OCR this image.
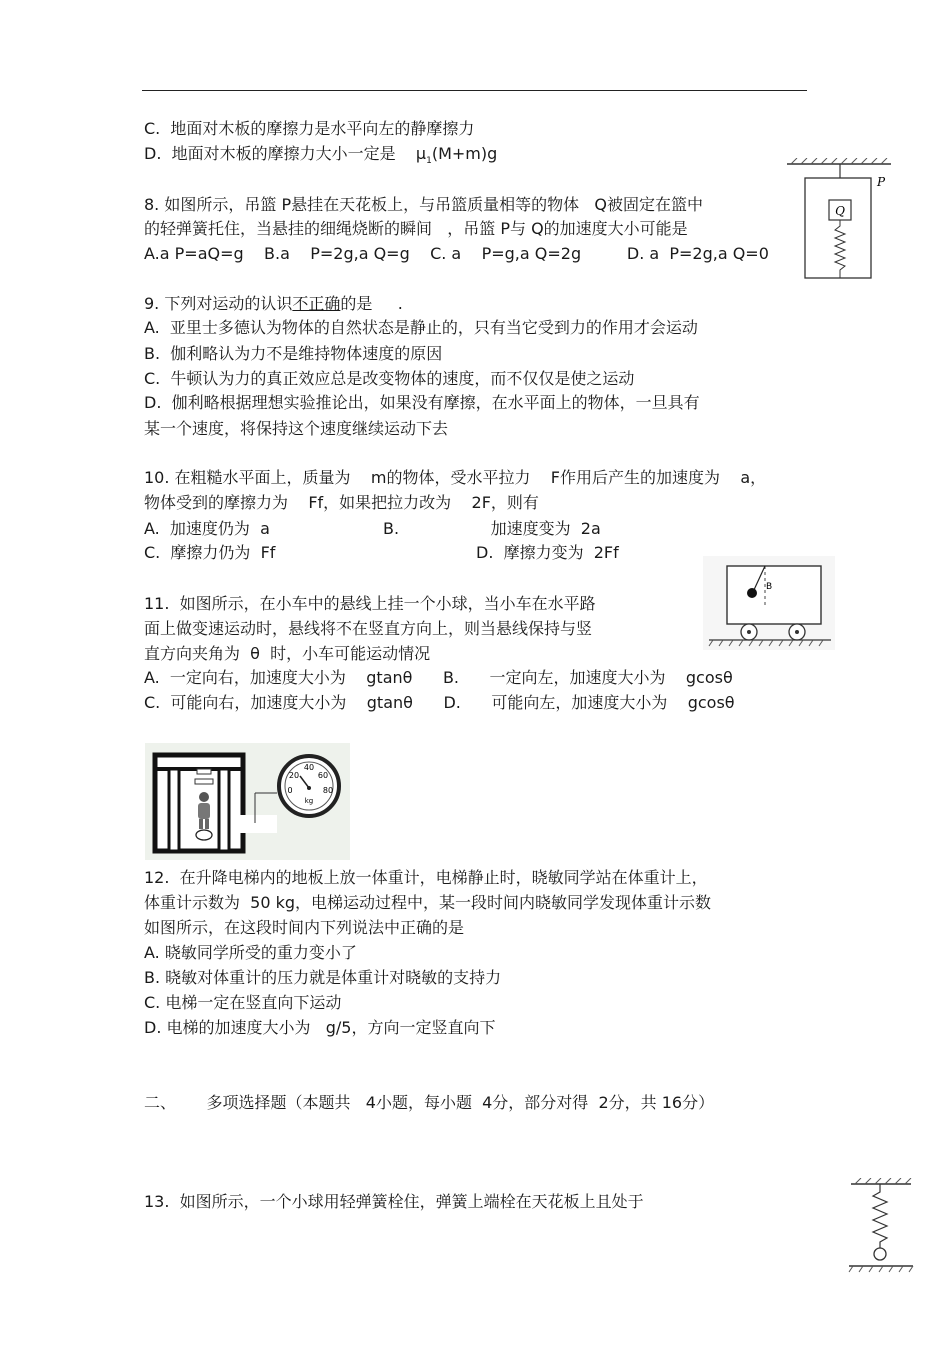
C.  地面对木板的摩擦力是水平向左的静摩擦力
D.  地面对木板的摩擦力大小一定是    $\mu_1(M+m)g$
8. 如图所示，吊篮 P悬挂在天花板上，与吊篮质量相等的物体   Q被固定在篮中
的轻弹簧托住，当悬挂的细绳烧断的瞬间   ，吊篮 P与 Q的加速度大小可能是
A.a P=aQ=g    B.a    P=2g,a Q=g    C. a    P=g,a Q=2g         D. a  P=2g,a Q=0
Q
P
9. 下列对运动的认识不正确的是     .
A.  亚里士多德认为物体的自然状态是静止的，只有当它受到力的作用才会运动
B.  伽利略认为力不是维持物体速度的原因
C.  牛顿认为力的真正效应总是改变物体的速度，而不仅仅是使之运动
D.  伽利略根据理想实验推论出，如果没有摩擦，在水平面上的物体，一旦具有
某一个速度，将保持这个速度继续运动下去
10. 在粗糙水平面上，质量为    m的物体，受水平拉力    F作用后产生的加速度为    a，
物体受到的摩擦力为    Ff，如果把拉力改为    2F，则有
A.  加速度仍为  a	B.                  加速度变为  2a
C.  摩擦力仍为  Ff	D.  摩擦力变为  2Ff
B
11.  如图所示，在小车中的悬线上挂一个小球，当小车在水平路
面上做变速运动时，悬线将不在竖直方向上，则当悬线保持与竖
直方向夹角为  θ  时，小车可能运动情况
A.  一定向右，加速度大小为    gtanθ      B.      一定向左，加速度大小为    gcosθ
C.  可能向右，加速度大小为    gtanθ      D.      可能向左，加速度大小为    gcosθ
40
20 60
0	80
kg
12.  在升降电梯内的地板上放一体重计，电梯静止时，晓敏同学站在体重计上，
体重计示数为  50 kg，电梯运动过程中，某一段时间内晓敏同学发现体重计示数
如图所示，在这段时间内下列说法中正确的是
A. 晓敏同学所受的重力变小了
B. 晓敏对体重计的压力就是体重计对晓敏的支持力
C. 电梯一定在竖直向下运动
D. 电梯的加速度大小为   g/5，方向一定竖直向下
二、      多项选择题（本题共   4小题，每小题  4分，部分对得  2分，共 16分）
13.  如图所示，一个小球用轻弹簧栓住，弹簧上端栓在天花板上且处于
